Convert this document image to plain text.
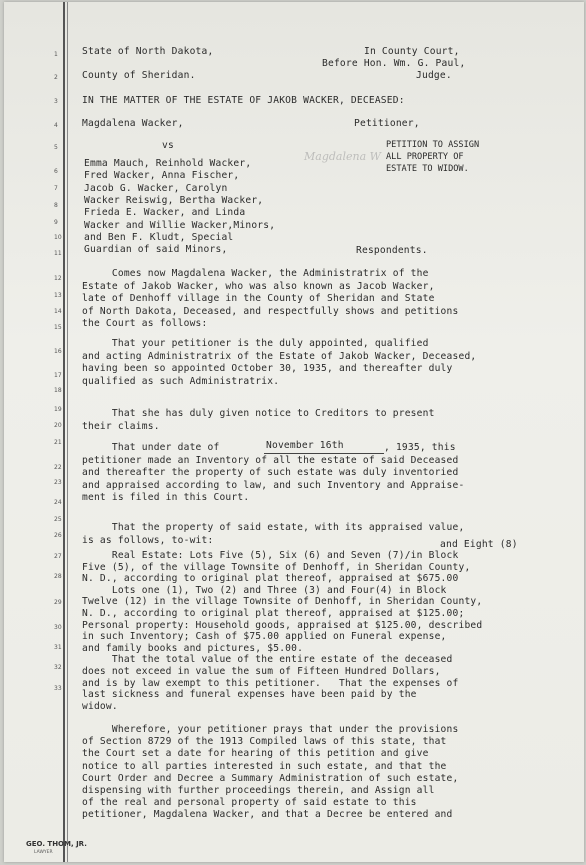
1
2
3
4
5
6
7
8
9
10
11
12
13
14
15
16
17
18
19
20
21
22
23
24
25
26
27
28
29
30
31
32
33
State of North Dakota,	In County Court,
Before Hon. Wm. G. Paul,
County of Sheridan.	Judge.
IN THE MATTER OF THE ESTATE OF JAKOB WACKER, DECEASED:
Magdalena Wacker,	Petitioner,
vs
Magdalena W
PETITION TO ASSIGN
ALL PROPERTY OF
ESTATE TO WIDOW.
Emma Mauch, Reinhold Wacker,
Fred Wacker, Anna Fischer,
Jacob G. Wacker, Carolyn
Wacker Reiswig, Bertha Wacker,
Frieda E. Wacker, and Linda
Wacker and Willie Wacker,Minors,
and Ben F. Kludt, Special
Guardian of said Minors,	Respondents.
Comes now Magdalena Wacker, the Administratrix of the
Estate of Jakob Wacker, who was also known as Jacob Wacker,
late of Denhoff village in the County of Sheridan and State
of North Dakota, Deceased, and respectfully shows and petitions
the Court as follows:
That your petitioner is the duly appointed, qualified
and acting Administratrix of the Estate of Jakob Wacker, Deceased,
having been so appointed October 30, 1935, and thereafter duly
qualified as such Administratrix.
That she has duly given notice to Creditors to present
their claims.
That under date of	November 16th	, 1935, this
petitioner made an Inventory of all the estate of said Deceased
and thereafter the property of such estate was duly inventoried
and appraised according to law, and such Inventory and Appraise-
ment is filed in this Court.
That the property of said estate, with its appraised value,
is as follows, to-wit:	and Eight (8)
Real Estate: Lots Five (5), Six (6) and Seven (7)/in Block
Five (5), of the village Townsite of Denhoff, in Sheridan County,
N. D., according to original plat thereof, appraised at $675.00
Lots one (1), Two (2) and Three (3) and Four(4) in Block
Twelve (12) in the village Townsite of Denhoff, in Sheridan County,
N. D., according to original plat thereof, appraised at $125.00;
Personal property: Household goods, appraised at $125.00, described
in such Inventory; Cash of $75.00 applied on Funeral expense,
and family books and pictures, $5.00.
That the total value of the entire estate of the deceased
does not exceed in value the sum of Fifteen Hundred Dollars,
and is by law exempt to this petitioner.   That the expenses of
last sickness and funeral expenses have been paid by the
widow.
Wherefore, your petitioner prays that under the provisions
of Section 8729 of the 1913 Compiled laws of this state, that
the Court set a date for hearing of this petition and give
notice to all parties interested in such estate, and that the
Court Order and Decree a Summary Administration of such estate,
dispensing with further proceedings therein, and Assign all
of the real and personal property of said estate to this
petitioner, Magdalena Wacker, and that a Decree be entered and
GEO. THOM, JR.
LAWYER
